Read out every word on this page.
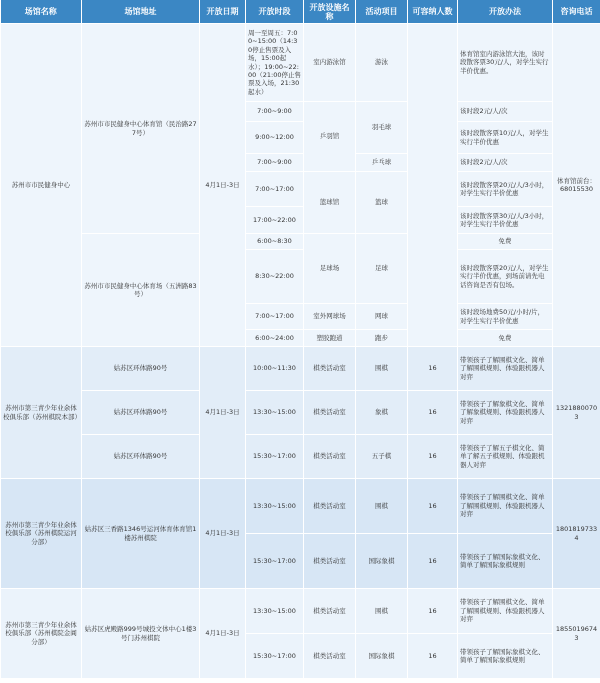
场馆名称	场馆地址	开放日期	开放时段	开放设施名称	活动项目	可容纳人数	开放办法	咨询电话
苏州市市民健身中心	苏州市市民健身中心体育馆（民治路277号）	4月1日-3日	周一至周五：7:00~15:00（14:30停止售票及入场，15:00起水）；19:00~22:00（21:00停止售票及入场，21:30起水）	室内游泳馆	游泳		体育馆室内游泳馆大池，该时段散客票30元/人，对学生实行半价优惠。	体育馆前台：68015530
			7:00~9:00	乒羽馆	羽毛球		该时段2元/人/次	
			9:00~12:00				该时段散客票10元/人，对学生实行半价优惠	
			7:00~9:00		乒乓球		该时段2元/人/次	
			7:00~17:00	篮球馆	篮球		该时段散客票20元/人/3小时，对学生实行半价优惠	
			17:00~22:00				该时段散客票30元/人/3小时，对学生实行半价优惠	
	苏州市市民健身中心体育场（五洲路83号）		6:00~8:30	足球场	足球		免费	
			8:30~22:00				该时段散客票20元/人，对学生实行半价优惠，到场前请先电话咨询是否有包场。	
			7:00~17:00	室外网球场	网球		该时段场地费50元/小时/片，对学生实行半价优惠	
			6:00~24:00	塑胶跑道	跑步		免费	
苏州市第三青少年业余体校俱乐部（苏州棋院本部）	姑苏区环体路90号	4月1日-3日	10:00~11:30	棋类活动室	围棋	16	带领孩子了解围棋文化、简单了解围棋规则、体验跟机器人对弈	13218800703
	姑苏区环体路90号		13:30~15:00	棋类活动室	象棋	16	带领孩子了解象棋文化、简单了解象棋规则、体验跟机器人对弈	
	姑苏区环体路90号		15:30~17:00	棋类活动室	五子棋	16	带领孩子了解五子棋文化、简单了解五子棋规则、体验跟机器人对弈	
苏州市第三青少年业余体校俱乐部（苏州棋院运河分部）	姑苏区三香路1346号运河体育体育馆1楼苏州棋院	4月1日-3日	13:30~15:00	棋类活动室	围棋	16	带领孩子了解围棋文化、简单了解围棋规则、体验跟机器人对弈	18018197334
			15:30~17:00	棋类活动室	国际象棋	16	带领孩子了解国际象棋文化、简单了解国际象棋规则	
苏州市第三青少年业余体校俱乐部（苏州棋院金阊分部）	姑苏区虎殿路999号城投文体中心1楼3号门苏州棋院	4月1日-3日	13:30~15:00	棋类活动室	围棋	16	带领孩子了解围棋文化、简单了解围棋规则、体验跟机器人对弈	18550196743
			15:30~17:00	棋类活动室	国际象棋	16	带领孩子了解国际象棋文化、简单了解国际象棋规则	
